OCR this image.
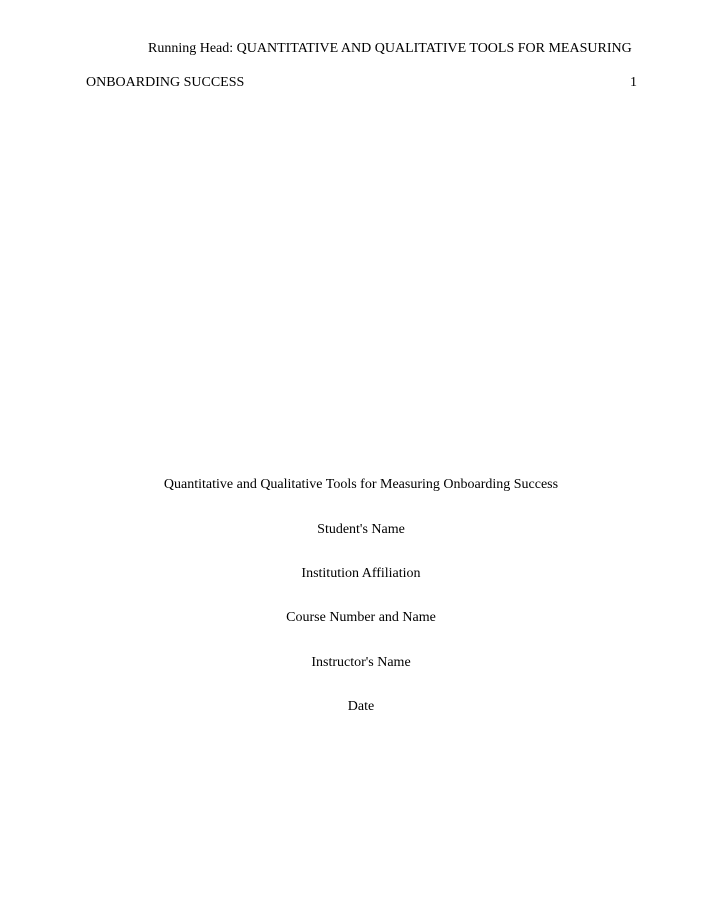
Running Head: QUANTITATIVE AND QUALITATIVE TOOLS FOR MEASURING
ONBOARDING SUCCESS	1
Quantitative and Qualitative Tools for Measuring Onboarding Success
Student's Name
Institution Affiliation
Course Number and Name
Instructor's Name
Date
